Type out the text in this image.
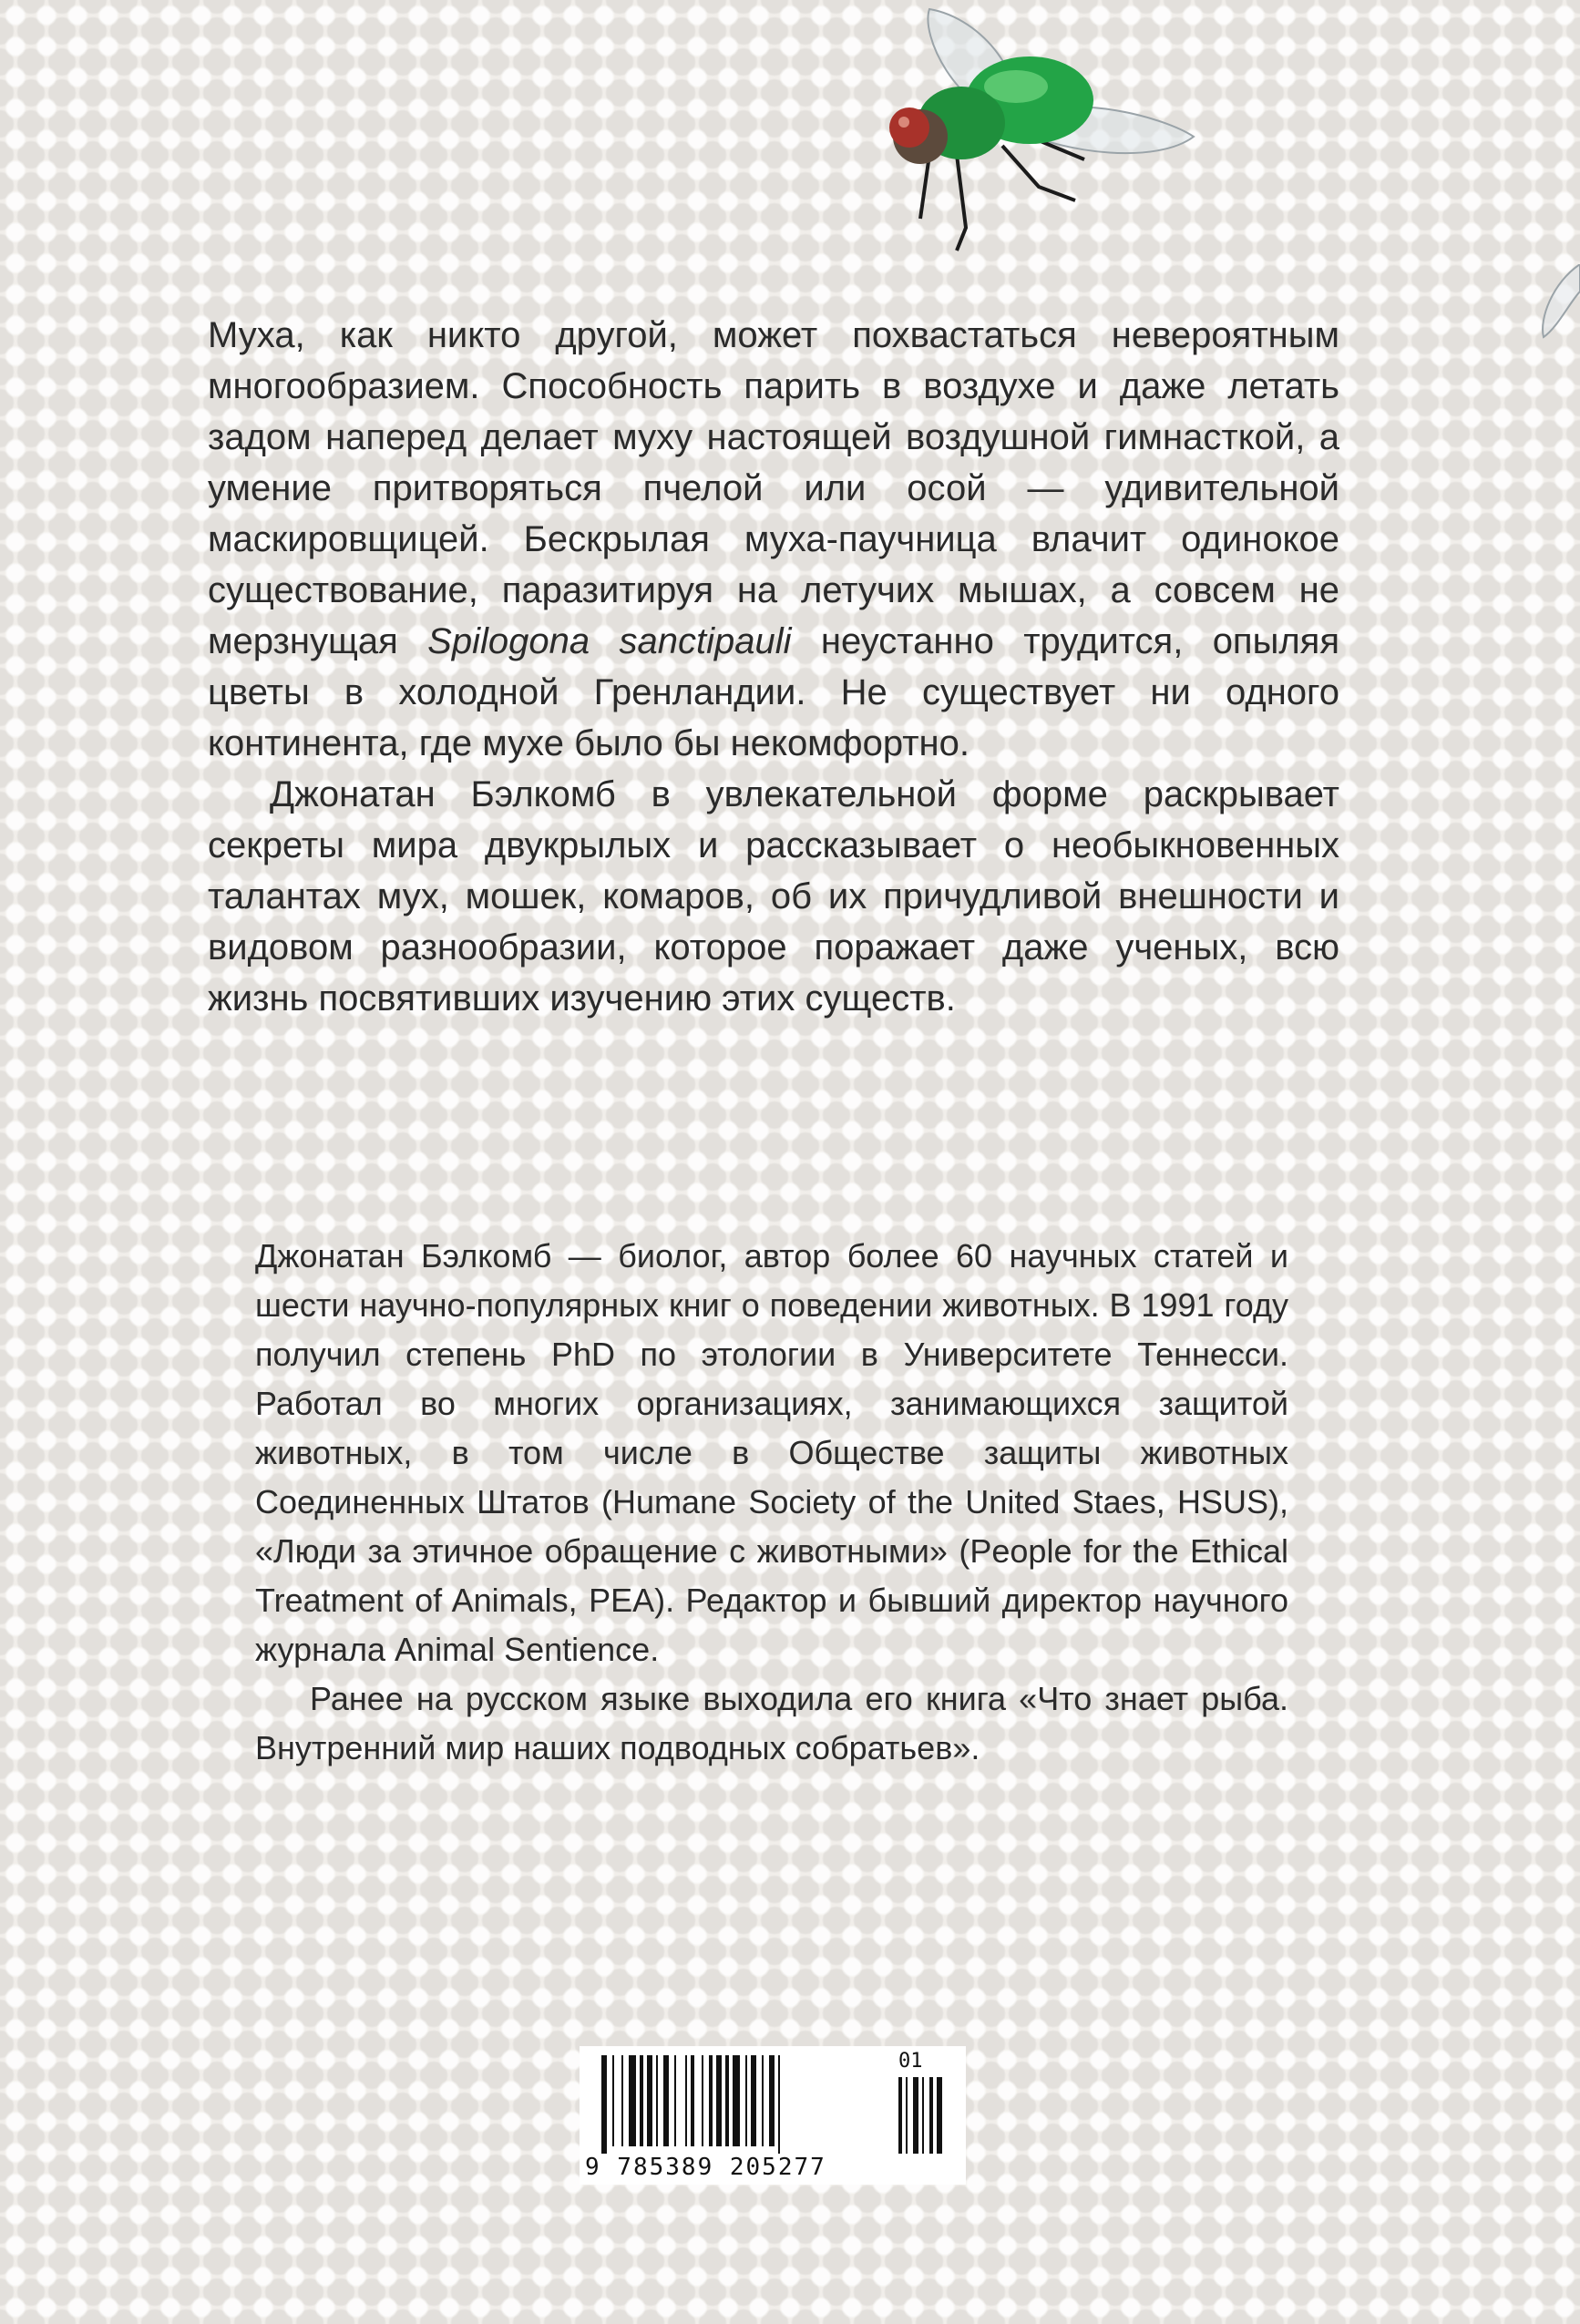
Муха, как никто другой, может похвастаться невероятным многообразием. Способность парить в воздухе и даже летать задом наперед делает муху настоящей воздушной гимнасткой, а умение притворяться пчелой или осой — удивительной маскировщицей. Бескрылая муха-паучница влачит одинокое существование, паразитируя на летучих мышах, а совсем не мерзнущая Spilogona sanctipauli неустанно трудится, опыляя цветы в холодной Гренландии. Не существует ни одного континента, где мухе было бы некомфортно.

Джонатан Бэлкомб в увлекательной форме раскрывает секреты мира двукрылых и рассказывает о необыкновенных талантах мух, мошек, комаров, об их причудливой внешности и видовом разнообразии, которое поражает даже ученых, всю жизнь посвятивших изучению этих существ.

Джонатан Бэлкомб — биолог, автор более 60 научных статей и шести научно-популярных книг о поведении животных. В 1991 году получил степень PhD по этологии в Университете Теннесси. Работал во многих организациях, занимающихся защитой животных, в том числе в Обществе защиты животных Соединенных Штатов (Humane Society of the United Staes, HSUS), «Люди за этичное обращение с животными» (People for the Ethical Treatment of Animals, PEA). Редактор и бывший директор научного журнала Animal Sentience.

Ранее на русском языке выходила его книга «Что знает рыба. Внутренний мир наших подводных собратьев».

9 785389 205277
01
